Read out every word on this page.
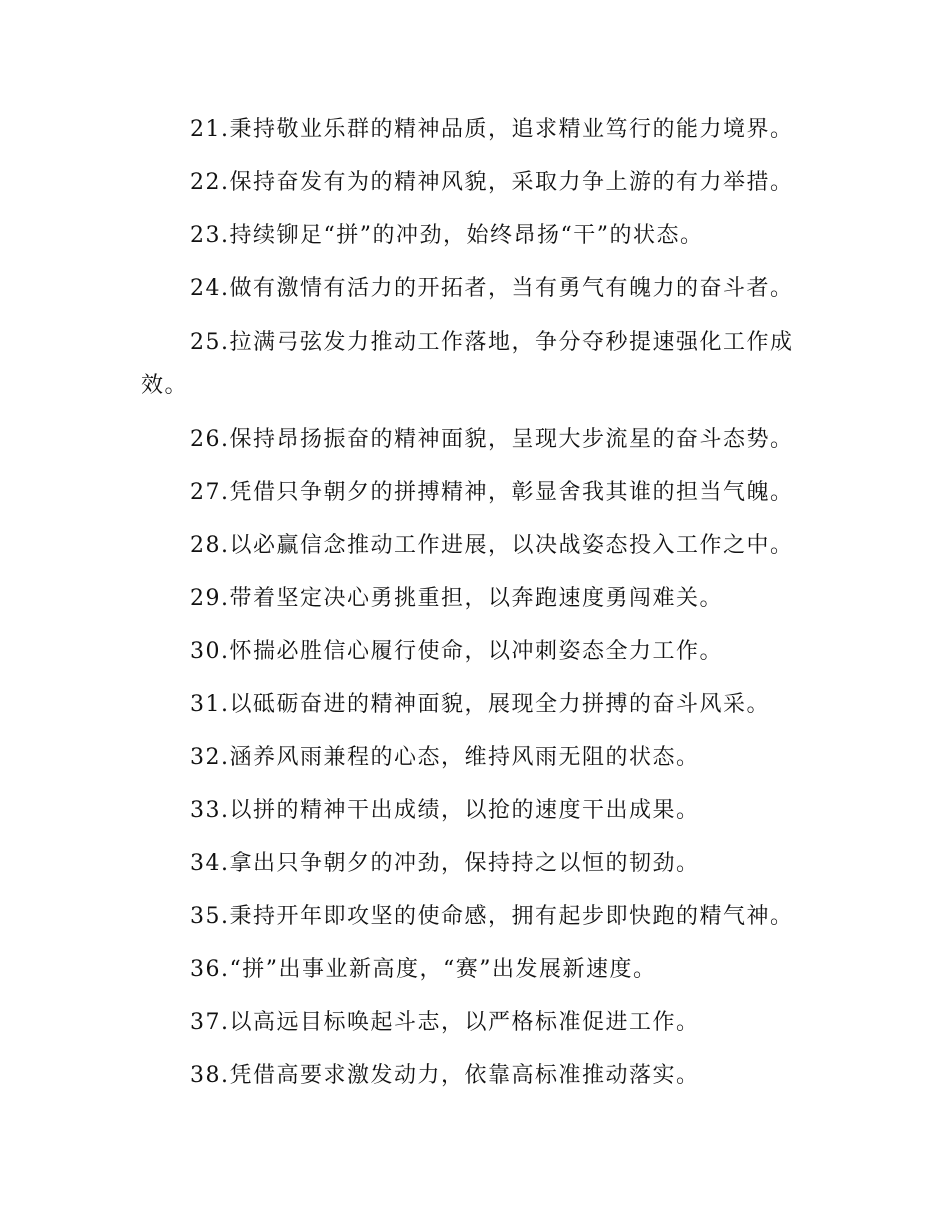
21.秉持敬业乐群的精神品质，追求精业笃行的能力境界。

22.保持奋发有为的精神风貌，采取力争上游的有力举措。

23.持续铆足“拼”的冲劲，始终昂扬“干”的状态。

24.做有激情有活力的开拓者，当有勇气有魄力的奋斗者。

25.拉满弓弦发力推动工作落地，争分夺秒提速强化工作成效。

26.保持昂扬振奋的精神面貌，呈现大步流星的奋斗态势。

27.凭借只争朝夕的拼搏精神，彰显舍我其谁的担当气魄。

28.以必赢信念推动工作进展，以决战姿态投入工作之中。

29.带着坚定决心勇挑重担，以奔跑速度勇闯难关。

30.怀揣必胜信心履行使命，以冲刺姿态全力工作。

31.以砥砺奋进的精神面貌，展现全力拼搏的奋斗风采。

32.涵养风雨兼程的心态，维持风雨无阻的状态。

33.以拼的精神干出成绩，以抢的速度干出成果。

34.拿出只争朝夕的冲劲，保持持之以恒的韧劲。

35.秉持开年即攻坚的使命感，拥有起步即快跑的精气神。

36.“拼”出事业新高度，“赛”出发展新速度。

37.以高远目标唤起斗志，以严格标准促进工作。

38.凭借高要求激发动力，依靠高标准推动落实。
